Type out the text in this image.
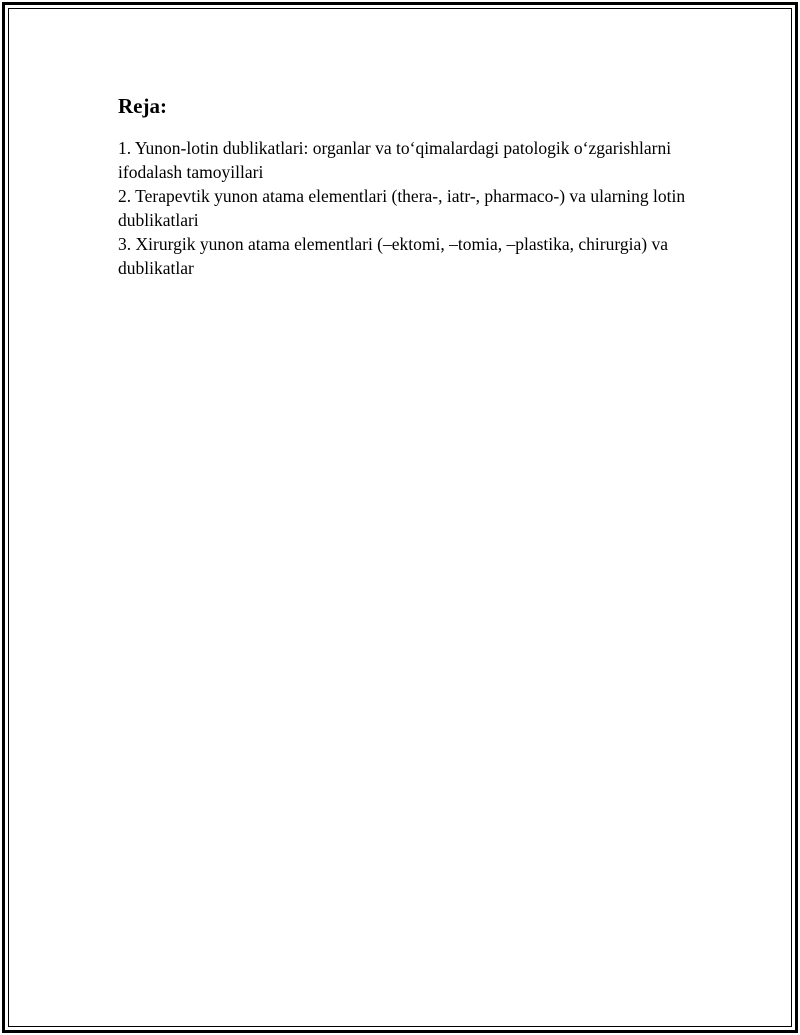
Reja:

1. Yunon-lotin dublikatlari: organlar va to‘qimalardagi patologik o‘zgarishlarni ifodalash tamoyillari

2. Terapevtik yunon atama elementlari (thera-, iatr-, pharmaco-) va ularning lotin dublikatlari

3. Xirurgik yunon atama elementlari (–ektomi, –tomia, –plastika, chirurgia) va dublikatlar
